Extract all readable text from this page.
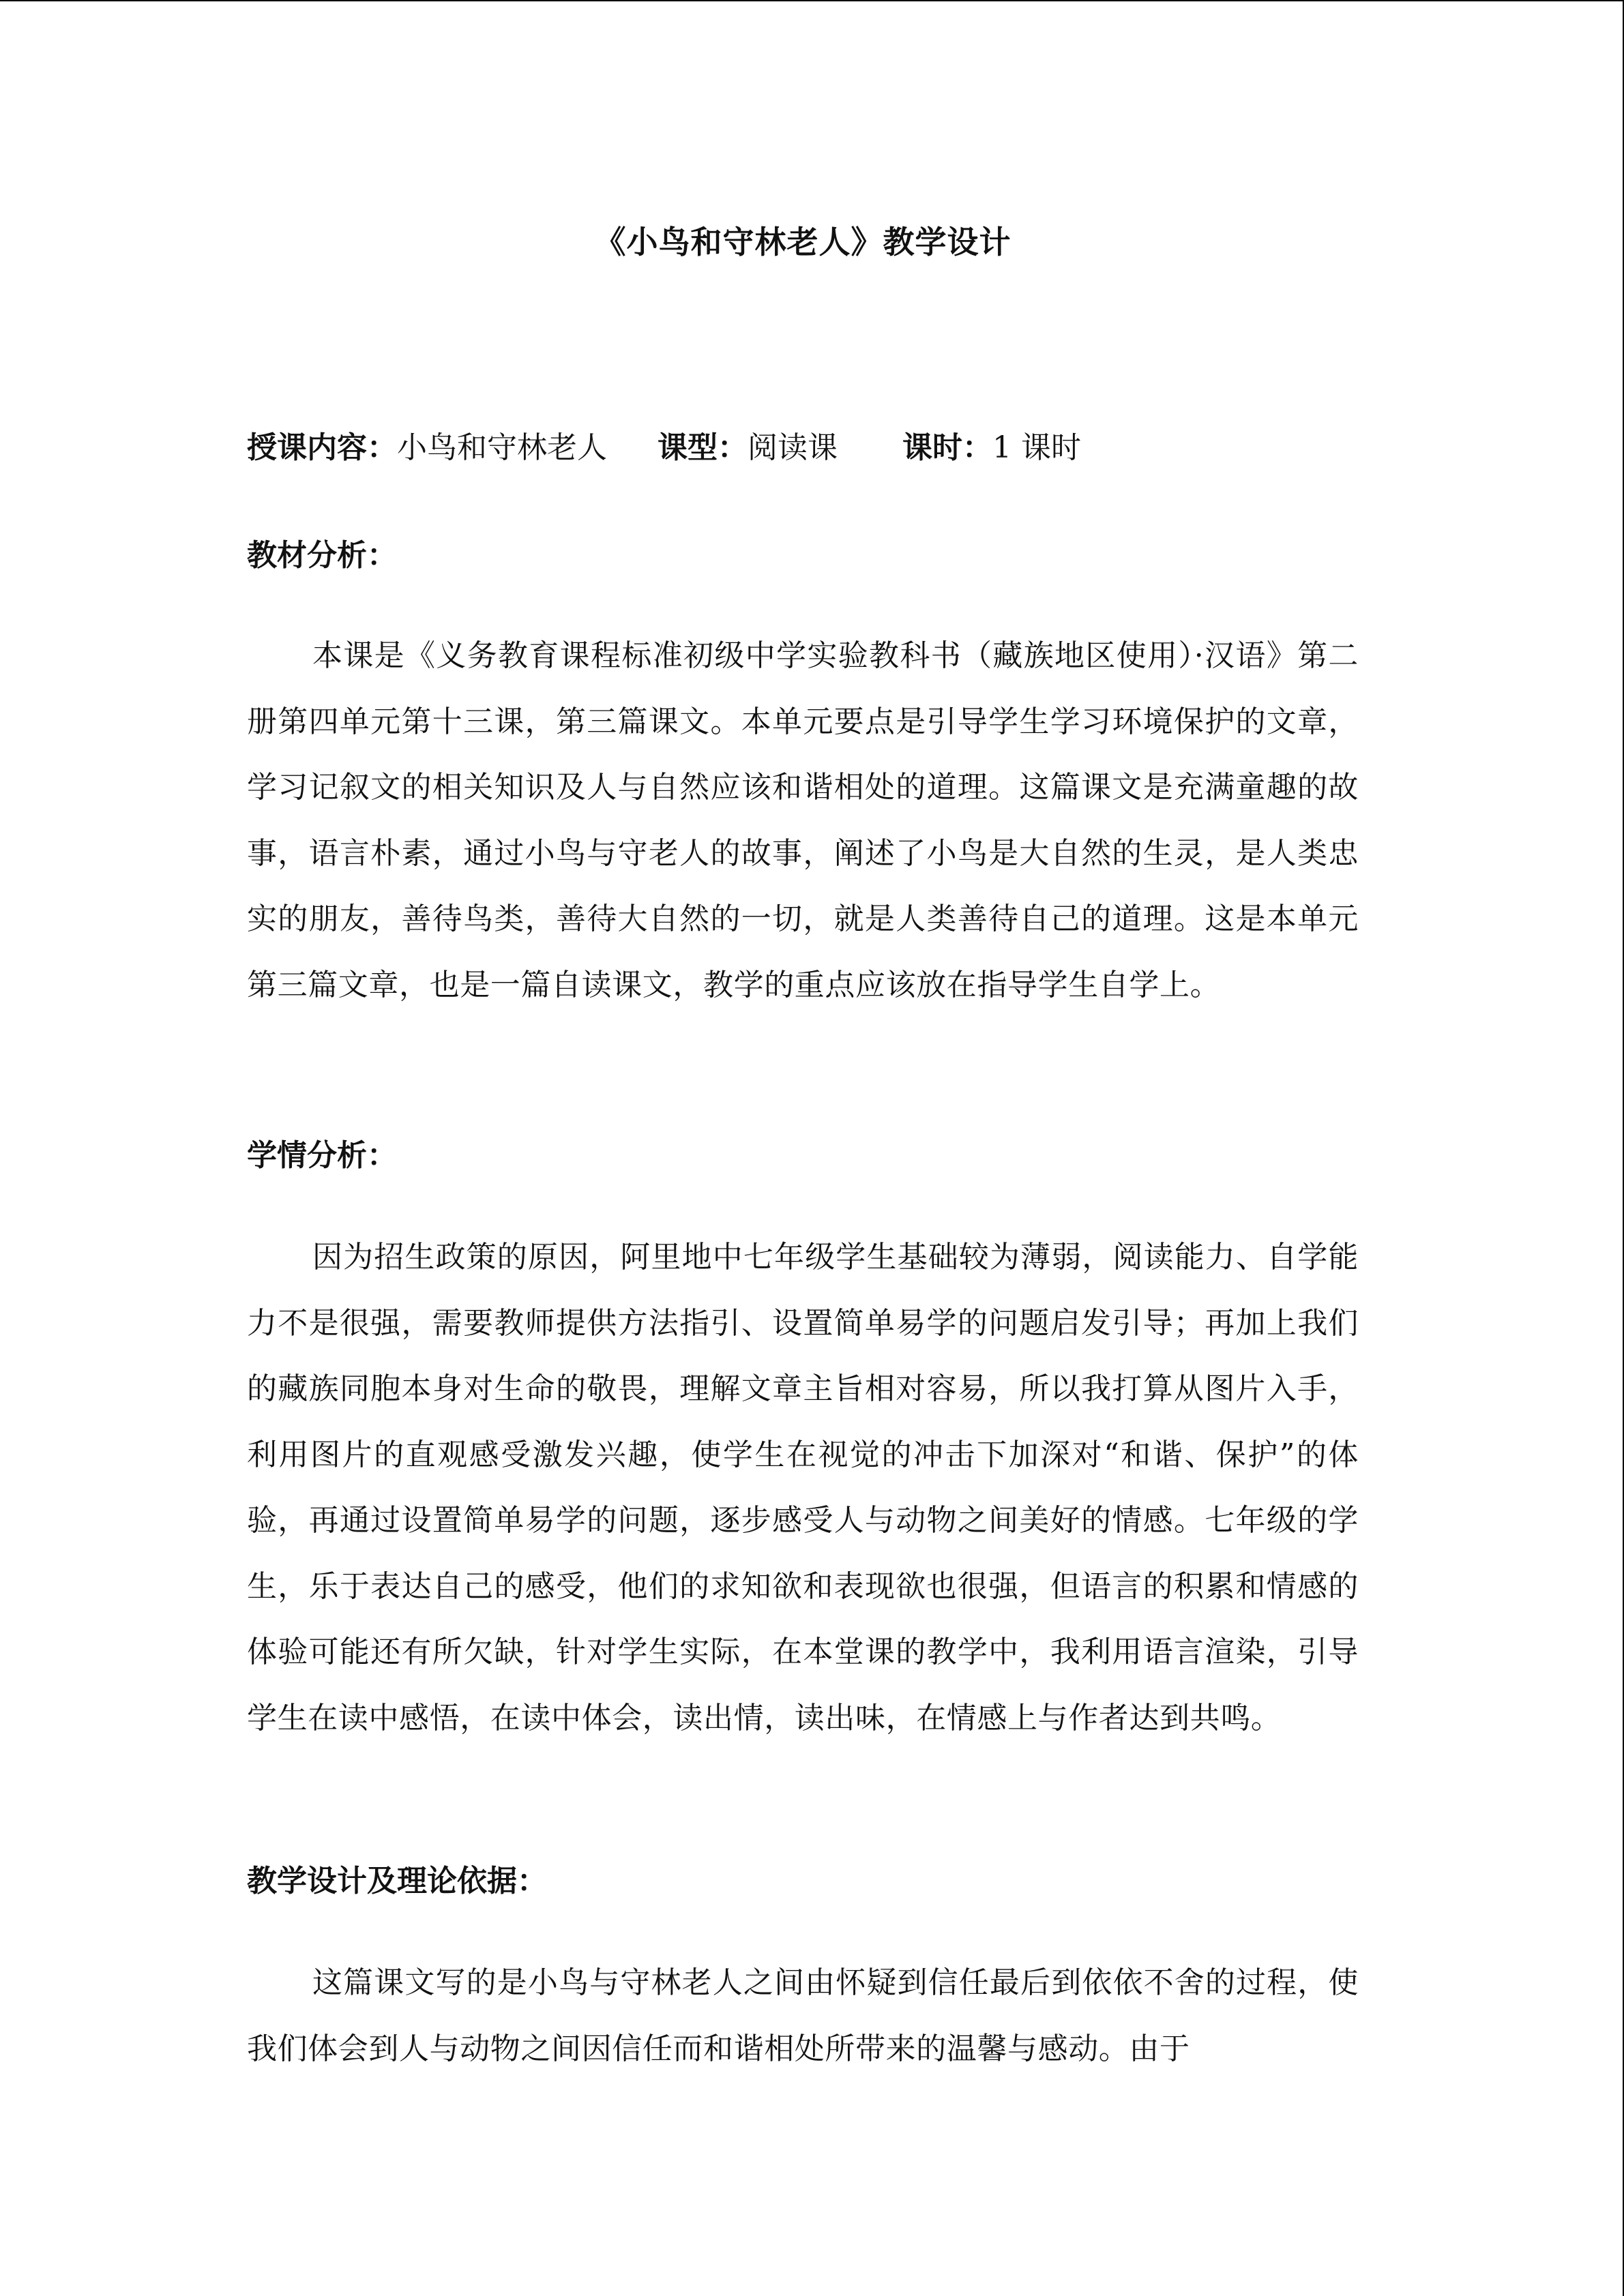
《小鸟和守林老人》教学设计
授课内容：小鸟和守林老人 课型：阅读课 课时：1 课时
教材分析：

本课是《义务教育课程标准初级中学实验教科书（藏族地区使用）·汉语》第二册第四单元第十三课，第三篇课文。本单元要点是引导学生学习环境保护的文章，学习记叙文的相关知识及人与自然应该和谐相处的道理。这篇课文是充满童趣的故事，语言朴素，通过小鸟与守老人的故事，阐述了小鸟是大自然的生灵，是人类忠实的朋友，善待鸟类，善待大自然的一切，就是人类善待自己的道理。这是本单元第三篇文章，也是一篇自读课文，教学的重点应该放在指导学生自学上。

学情分析：

因为招生政策的原因，阿里地中七年级学生基础较为薄弱，阅读能力、自学能力不是很强，需要教师提供方法指引、设置简单易学的问题启发引导；再加上我们的藏族同胞本身对生命的敬畏，理解文章主旨相对容易，所以我打算从图片入手，利用图片的直观感受激发兴趣，使学生在视觉的冲击下加深对“和谐、保护”的体验，再通过设置简单易学的问题，逐步感受人与动物之间美好的情感。七年级的学生，乐于表达自己的感受，他们的求知欲和表现欲也很强，但语言的积累和情感的体验可能还有所欠缺，针对学生实际，在本堂课的教学中，我利用语言渲染，引导学生在读中感悟，在读中体会，读出情，读出味，在情感上与作者达到共鸣。

教学设计及理论依据：

这篇课文写的是小鸟与守林老人之间由怀疑到信任最后到依依不舍的过程，使我们体会到人与动物之间因信任而和谐相处所带来的温馨与感动。由于
